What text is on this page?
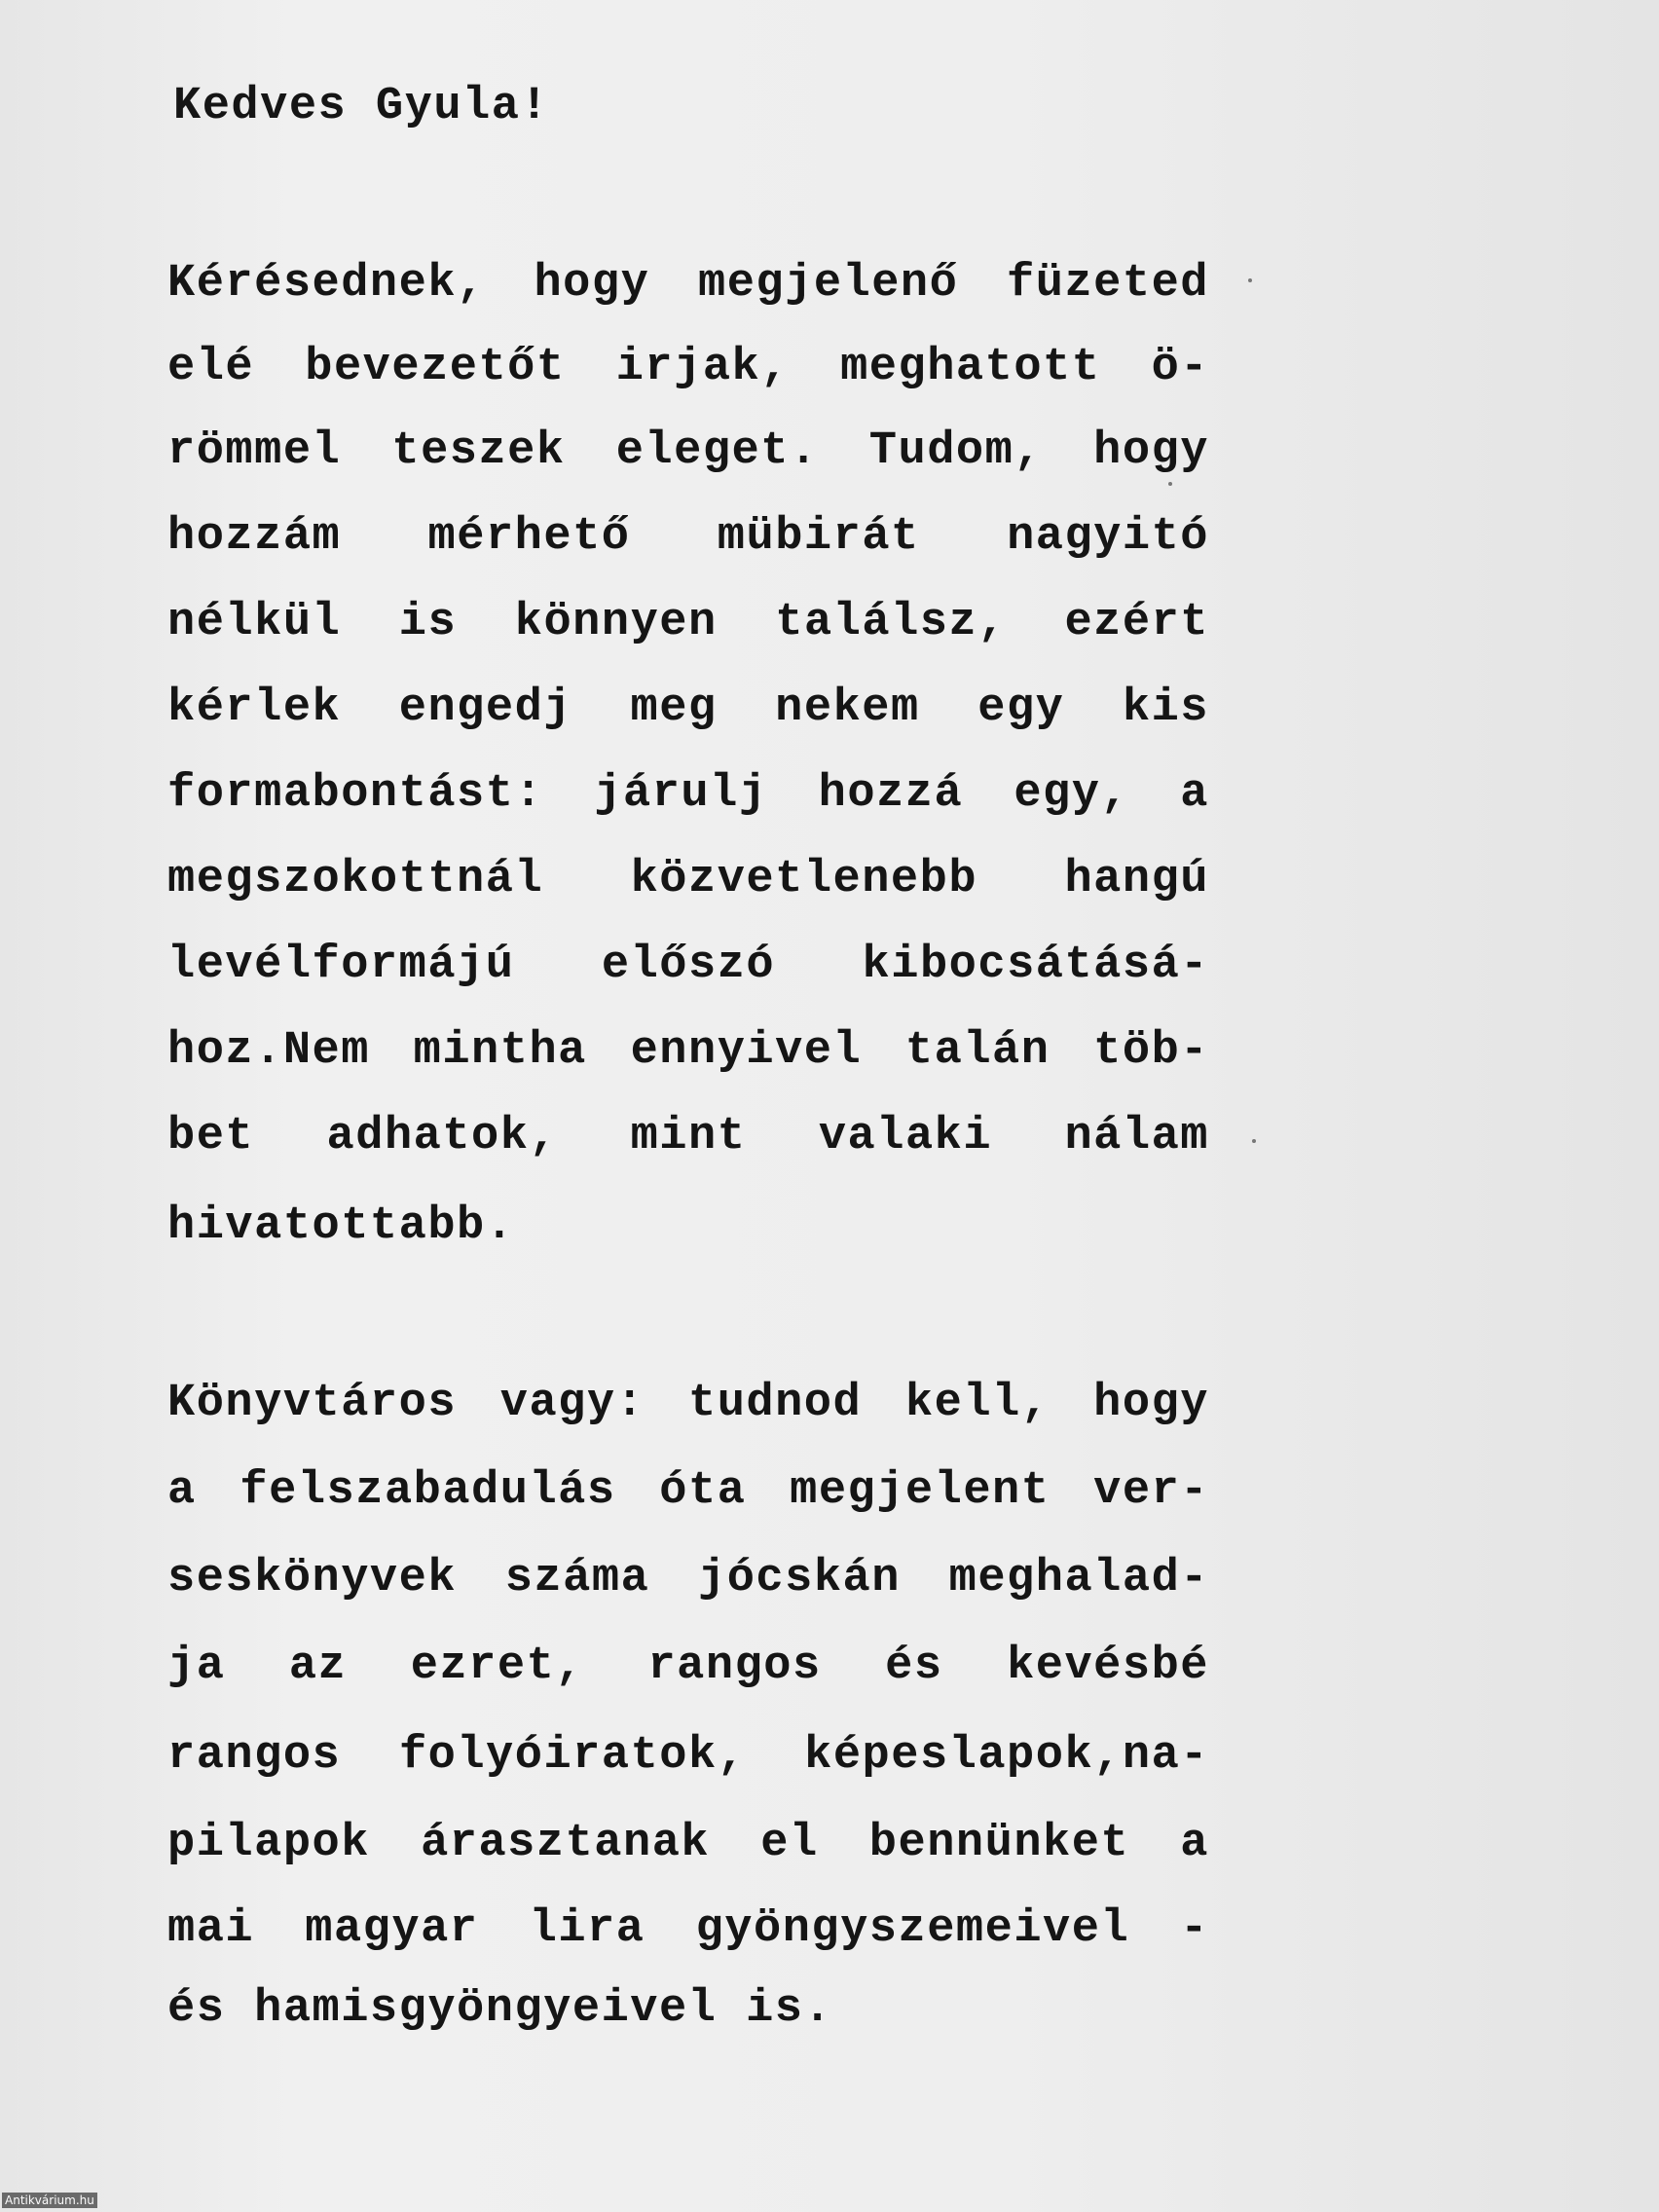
Kedves Gyula!
Kérésednek, hogy megjelenő füzeted
elé bevezetőt irjak, meghatott ö-
römmel teszek eleget. Tudom, hogy
hozzám mérhető mübirát nagyitó
nélkül is könnyen találsz, ezért
kérlek engedj meg nekem egy kis
formabontást: járulj hozzá egy, a
megszokottnál közvetlenebb hangú
levélformájú előszó kibocsátásá-
hoz.Nem mintha ennyivel talán töb-
bet adhatok, mint valaki nálam
hivatottabb.
Könyvtáros vagy: tudnod kell, hogy
a felszabadulás óta megjelent ver-
seskönyvek száma jócskán meghalad-
ja az ezret, rangos és kevésbé
rangos folyóiratok, képeslapok,na-
pilapok árasztanak el bennünket a
mai magyar lira gyöngyszemeivel -
és hamisgyöngyeivel is.
Antikvárium.hu
